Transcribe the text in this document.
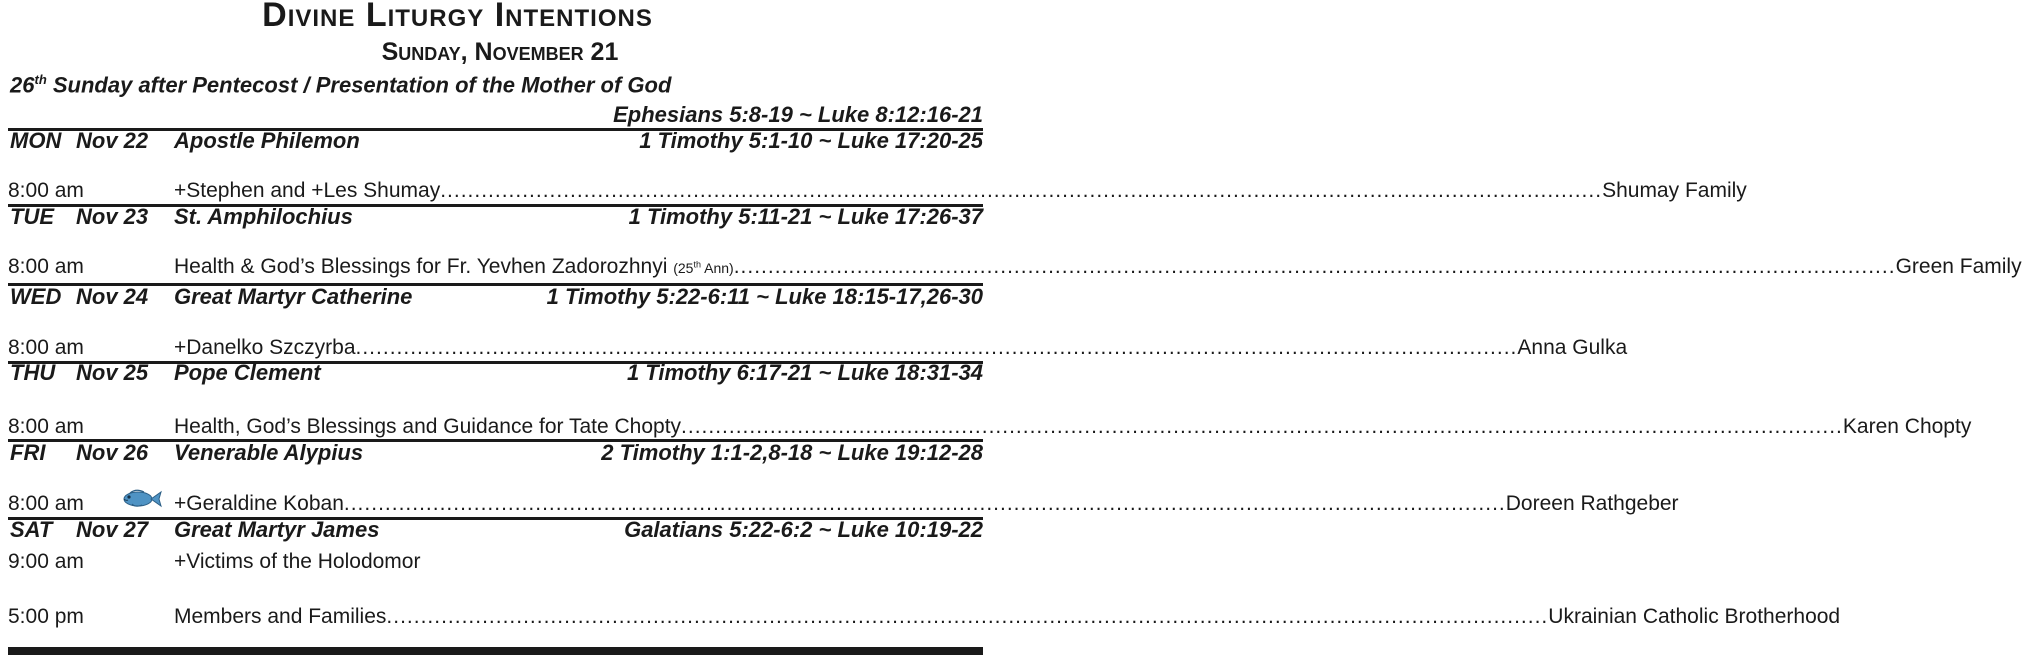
Divine Liturgy Intentions
Sunday, November 21
26th Sunday after Pentecost / Presentation of the Mother of God
Ephesians 5:8-19 ~ Luke 8:12:16-21
MON Nov 22 Apostle Philemon	1 Timothy 5:1-10 ~ Luke 17:20-25
8:00 am	+Stephen and +Les Shumay .......................................................................................................................................................................... Shumay Family
TUE Nov 23 St. Amphilochius	1 Timothy 5:11-21 ~ Luke 17:26-37
8:00 am	Health & God’s Blessings for Fr. Yevhen Zadorozhnyi (25th Ann) .......................................................................................................................................................................... Green Family
WED Nov 24 Great Martyr Catherine	1 Timothy 5:22-6:11 ~ Luke 18:15-17,26-30
8:00 am	+Danelko Szczyrba .......................................................................................................................................................................... Anna Gulka
THU Nov 25 Pope Clement	1 Timothy 6:17-21 ~ Luke 18:31-34
8:00 am	Health, God’s Blessings and Guidance for Tate Chopty .......................................................................................................................................................................... Karen Chopty
FRI Nov 26 Venerable Alypius	2 Timothy 1:1-2,8-18 ~ Luke 19:12-28
8:00 am	+Geraldine Koban .......................................................................................................................................................................... Doreen Rathgeber
SAT Nov 27 Great Martyr James	Galatians 5:22-6:2 ~ Luke 10:19-22
9:00 am	+Victims of the Holodomor
5:00 pm	Members and Families .......................................................................................................................................................................... Ukrainian Catholic Brotherhood
